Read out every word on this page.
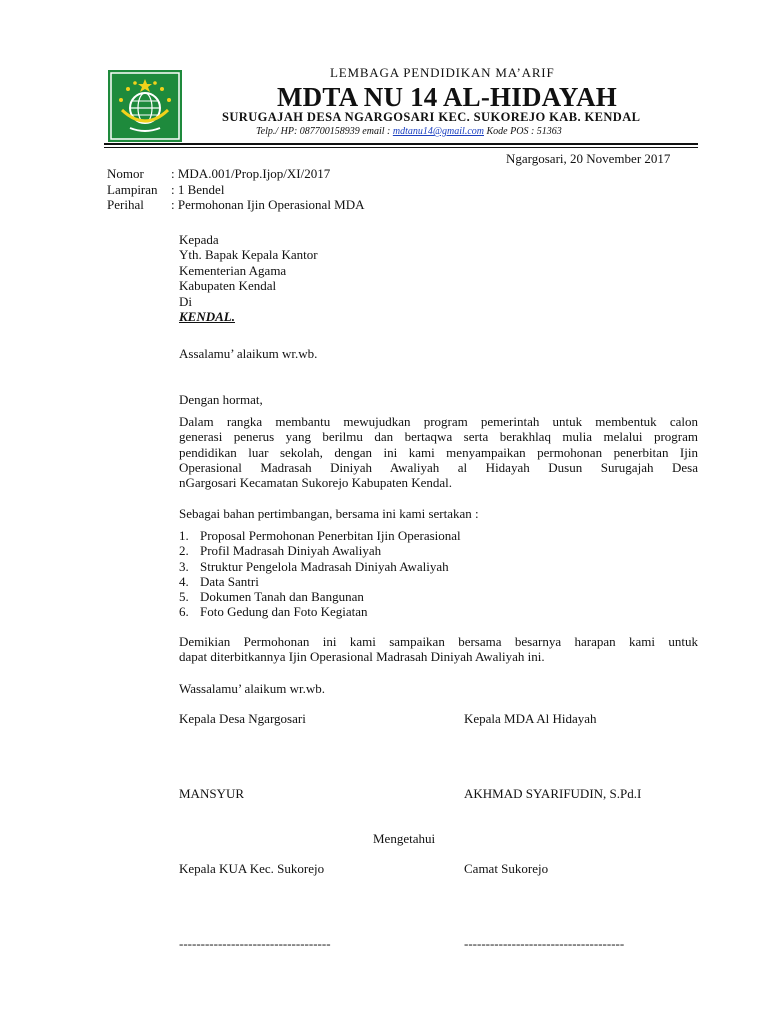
LEMBAGA PENDIDIKAN MA’ARIF
MDTA NU 14 AL-HIDAYAH
SURUGAJAH DESA NGARGOSARI KEC. SUKOREJO KAB. KENDAL
Telp./ HP: 087700158939 email : mdtanu14@gmail.com Kode POS : 51363
Ngargosari, 20 November 2017
Nomor : MDA.001/Prop.Ijop/XI/2017
Lampiran : 1 Bendel
Perihal : Permohonan Ijin Operasional MDA
Kepada
Yth. Bapak Kepala Kantor
Kementerian Agama
Kabupaten Kendal
Di
KENDAL.
Assalamu’ alaikum wr.wb.
Dengan hormat,
Dalam rangka membantu mewujudkan program pemerintah untuk membentuk calon
generasi penerus yang berilmu dan bertaqwa serta berakhlaq mulia melalui program
pendidikan luar sekolah, dengan ini kami menyampaikan permohonan penerbitan Ijin
Operasional Madrasah Diniyah Awaliyah al Hidayah Dusun Surugajah Desa
nGargosari Kecamatan Sukorejo Kabupaten Kendal.
Sebagai bahan pertimbangan, bersama ini kami sertakan :
1. Proposal Permohonan Penerbitan Ijin Operasional
2. Profil Madrasah Diniyah Awaliyah
3. Struktur Pengelola Madrasah Diniyah Awaliyah
4. Data Santri
5. Dokumen Tanah dan Bangunan
6. Foto Gedung dan Foto Kegiatan
Demikian Permohonan ini kami sampaikan bersama besarnya harapan kami untuk
dapat diterbitkannya Ijin Operasional Madrasah Diniyah Awaliyah ini.
Wassalamu’ alaikum wr.wb.
Kepala Desa Ngargosari	Kepala MDA Al Hidayah
MANSYUR	AKHMAD SYARIFUDIN, S.Pd.I
Mengetahui
Kepala KUA Kec. Sukorejo	Camat Sukorejo
-----------------------------------	-------------------------------------
